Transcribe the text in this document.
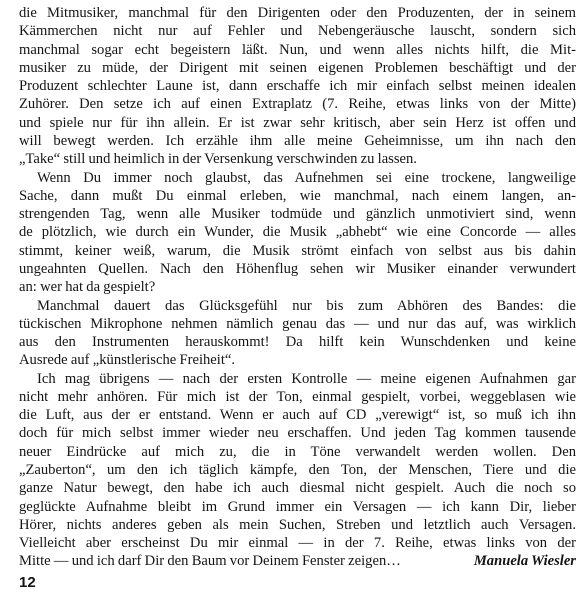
die Mitmusiker, manchmal für den Dirigenten oder den Produzenten, der in seinem
Kämmerchen nicht nur auf Fehler und Nebengeräusche lauscht, sondern sich
manchmal sogar echt begeistern läßt. Nun, und wenn alles nichts hilft, die Mit-
musiker zu müde, der Dirigent mit seinen eigenen Problemen beschäftigt und der
Produzent schlechter Laune ist, dann erschaffe ich mir einfach selbst meinen idealen
Zuhörer. Den setze ich auf einen Extraplatz (7. Reihe, etwas links von der Mitte)
und spiele nur für ihn allein. Er ist zwar sehr kritisch, aber sein Herz ist offen und
will bewegt werden. Ich erzähle ihm alle meine Geheimnisse, um ihn nach den
„Take“ still und heimlich in der Versenkung verschwinden zu lassen.

Wenn Du immer noch glaubst, das Aufnehmen sei eine trockene, langweilige
Sache, dann mußt Du einmal erleben, wie manchmal, nach einem langen, an-
strengenden Tag, wenn alle Musiker todmüde und gänzlich unmotiviert sind, wenn
de plötzlich, wie durch ein Wunder, die Musik „abhebt“ wie eine Concorde — alles
stimmt, keiner weiß, warum, die Musik strömt einfach von selbst aus bis dahin
ungeahnten Quellen. Nach den Höhenflug sehen wir Musiker einander verwundert
an: wer hat da gespielt?

Manchmal dauert das Glücksgefühl nur bis zum Abhören des Bandes: die
tückischen Mikrophone nehmen nämlich genau das — und nur das auf, was wirklich
aus den Instrumenten herauskommt! Da hilft kein Wunschdenken und keine
Ausrede auf „künstlerische Freiheit“.

Ich mag übrigens — nach der ersten Kontrolle — meine eigenen Aufnahmen gar
nicht mehr anhören. Für mich ist der Ton, einmal gespielt, vorbei, weggeblasen wie
die Luft, aus der er entstand. Wenn er auch auf CD „verewigt“ ist, so muß ich ihn
doch für mich selbst immer wieder neu erschaffen. Und jeden Tag kommen tausende
neuer Eindrücke auf mich zu, die in Töne verwandelt werden wollen. Den
„Zauberton“, um den ich täglich kämpfe, den Ton, der Menschen, Tiere und die
ganze Natur bewegt, den habe ich auch diesmal nicht gespielt. Auch die noch so
geglückte Aufnahme bleibt im Grund immer ein Versagen — ich kann Dir, lieber
Hörer, nichts anderes geben als mein Suchen, Streben und letztlich auch Versagen.
Vielleicht aber erscheinst Du mir einmal — in der 7. Reihe, etwas links von der
Mitte — und ich darf Dir den Baum vor Deinem Fenster zeigen…	Manuela Wiesler

12
